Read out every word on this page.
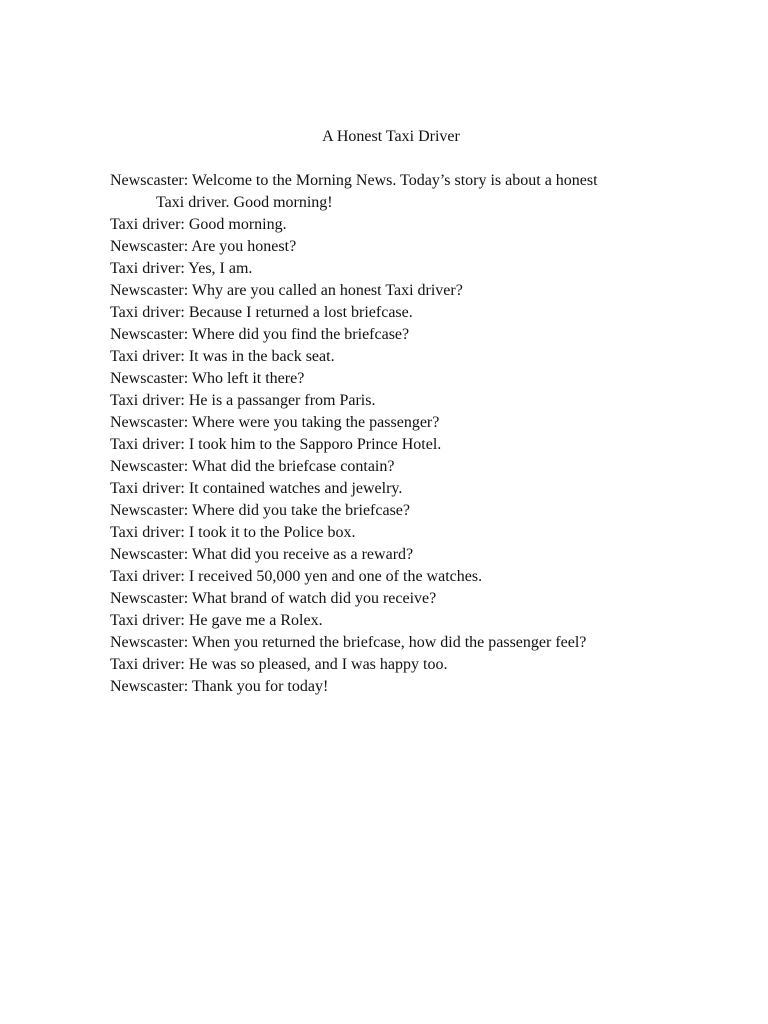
A Honest Taxi Driver

Newscaster: Welcome to the Morning News. Today’s story is about a honest

Taxi driver. Good morning!

Taxi driver: Good morning.

Newscaster: Are you honest?

Taxi driver: Yes, I am.

Newscaster: Why are you called an honest Taxi driver?

Taxi driver: Because I returned a lost briefcase.

Newscaster: Where did you find the briefcase?

Taxi driver: It was in the back seat.

Newscaster: Who left it there?

Taxi driver: He is a passanger from Paris.

Newscaster: Where were you taking the passenger?

Taxi driver: I took him to the Sapporo Prince Hotel.

Newscaster: What did the briefcase contain?

Taxi driver: It contained watches and jewelry.

Newscaster: Where did you take the briefcase?

Taxi driver: I took it to the Police box.

Newscaster: What did you receive as a reward?

Taxi driver: I received 50,000 yen and one of the watches.

Newscaster: What brand of watch did you receive?

Taxi driver: He gave me a Rolex.

Newscaster: When you returned the briefcase, how did the passenger feel?

Taxi driver: He was so pleased, and I was happy too.

Newscaster: Thank you for today!
